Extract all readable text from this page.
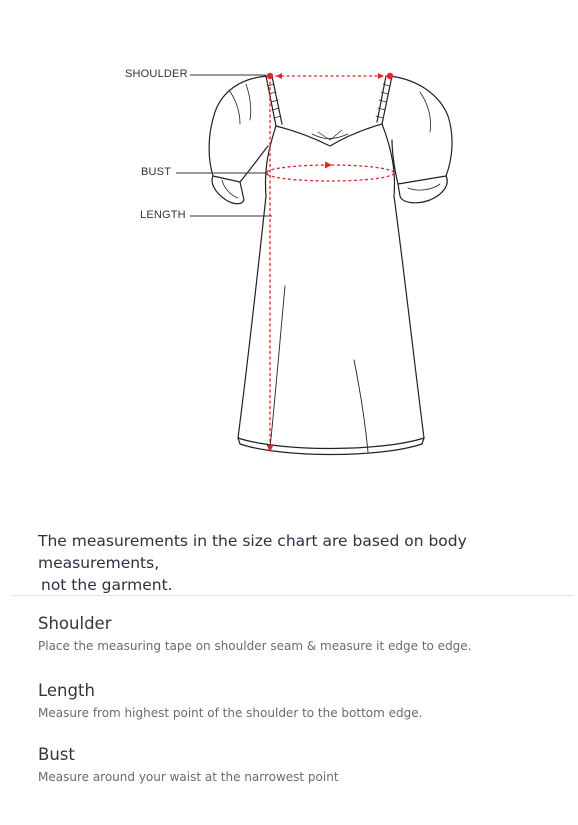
SHOULDER
BUST
LENGTH
The measurements in the size chart are based on body measurements,
not the garment.
Shoulder
Place the measuring tape on shoulder seam & measure it edge to edge.
Length
Measure from highest point of the shoulder to the bottom edge.
Bust
Measure around your waist at the narrowest point
